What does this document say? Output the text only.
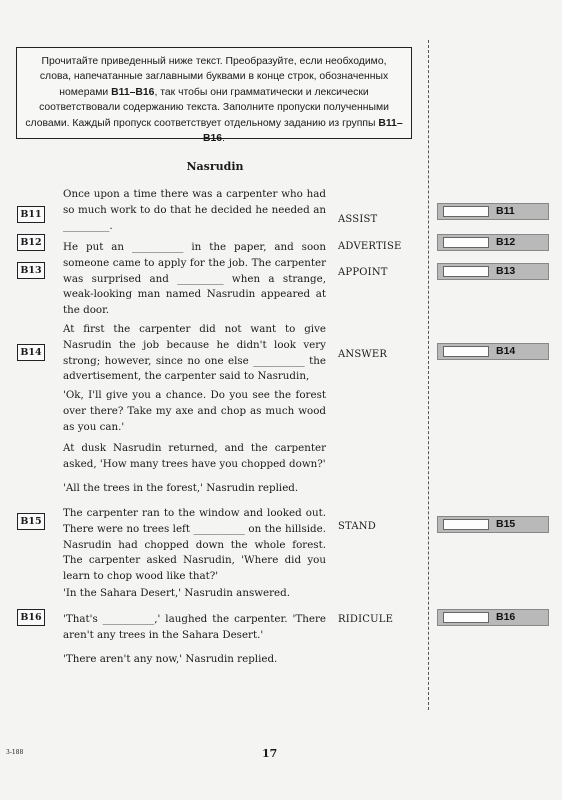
Прочитайте приведенный ниже текст. Преобразуйте, если необходимо, слова, напечатанные заглавными буквами в конце строк, обозначенных номерами B11–B16, так чтобы они грамматически и лексически соответствовали содержанию текста. Заполните пропуски полученными словами. Каждый пропуск соответствует отдельному заданию из группы B11–B16.
Nasrudin
Once upon a time there was a carpenter who had so much work to do that he decided he needed an _________.
He put an __________ in the paper, and soon someone came to apply for the job. The carpenter was surprised and _________ when a strange, weak-looking man named Nasrudin appeared at the door.
At first the carpenter did not want to give Nasrudin the job because he didn't look very strong; however, since no one else __________ the advertisement, the carpenter said to Nasrudin,
'Ok, I'll give you a chance. Do you see the forest over there? Take my axe and chop as much wood as you can.'
At dusk Nasrudin returned, and the carpenter asked, 'How many trees have you chopped down?'
'All the trees in the forest,' Nasrudin replied.
The carpenter ran to the window and looked out. There were no trees left __________ on the hillside. Nasrudin had chopped down the whole forest. The carpenter asked Nasrudin, 'Where did you learn to chop wood like that?'
'In the Sahara Desert,' Nasrudin answered.
'That's __________,' laughed the carpenter. 'There aren't any trees in the Sahara Desert.'
'There aren't any now,' Nasrudin replied.
B11
B12
B13
B14
B15
B16
ASSIST
ADVERTISE
APPOINT
ANSWER
STAND
RIDICULE
B11
B12
B13
B14
B15
B16
3-188	17
